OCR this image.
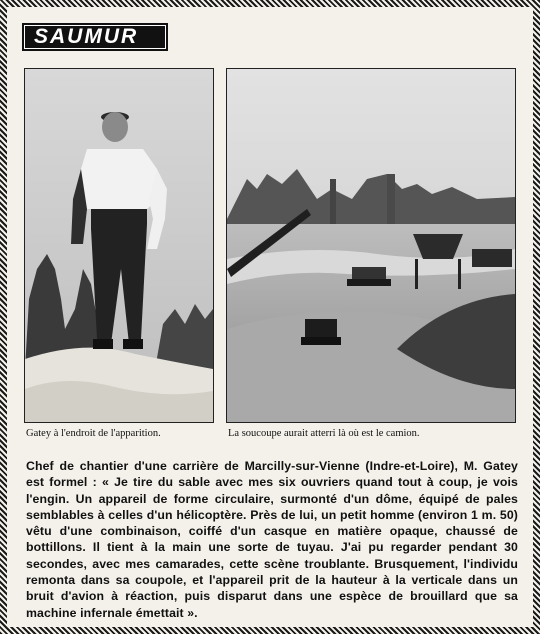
SAUMUR
Gatey à l'endroit de l'apparition.	La soucoupe aurait atterri là où est le camion.
Chef de chantier d'une carrière de Marcilly-sur-Vienne (Indre-et-Loire), M. Gatey est formel : « Je tire du sable avec mes six ouvriers quand tout à coup, je vois l'engin. Un appareil de forme circulaire, surmonté d'un dôme, équipé de pales semblables à celles d'un hélicoptère. Près de lui, un petit homme (environ 1 m. 50) vêtu d'une combinaison, coiffé d'un casque en matière opaque, chaussé de bottillons. Il tient à la main une sorte de tuyau. J'ai pu regarder pendant 30 secondes, avec mes camarades, cette scène troublante. Brusquement, l'individu remonta dans sa coupole, et l'appareil prit de la hauteur à la verticale dans un bruit d'avion à réaction, puis disparut dans une espèce de brouillard que sa machine infernale émettait ».
